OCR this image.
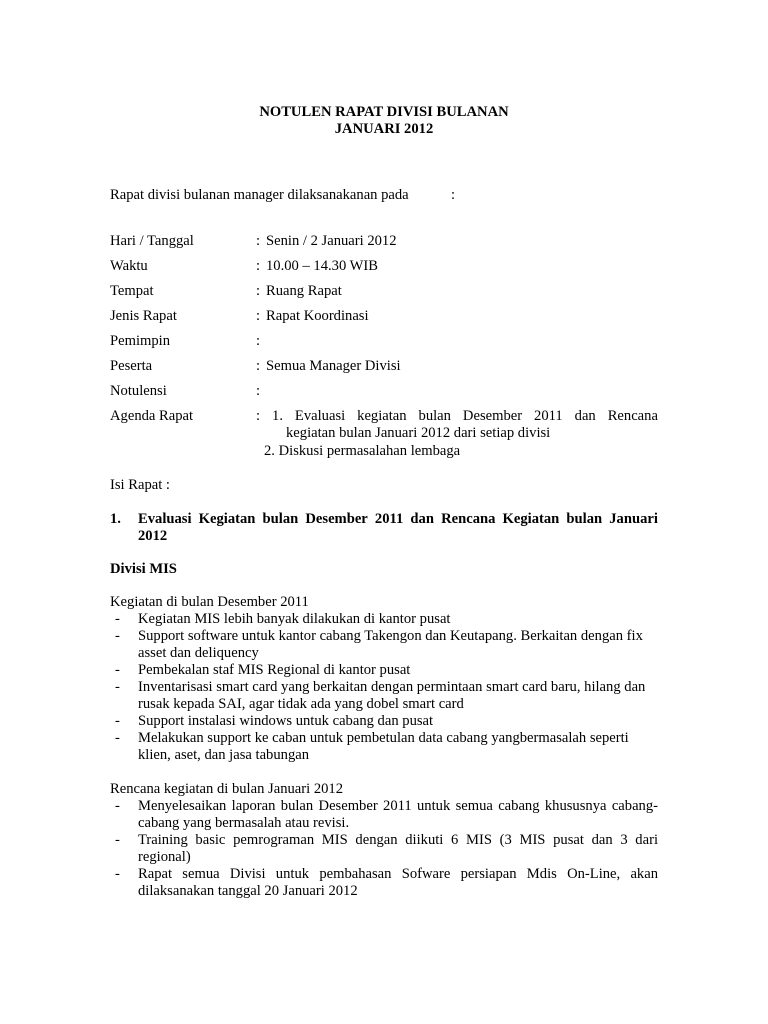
NOTULEN RAPAT DIVISI BULANAN
JANUARI 2012
Rapat divisi bulanan manager dilaksanakanan pada	:
Hari / Tanggal	: Senin / 2 Januari 2012
Waktu	: 10.00 – 14.30 WIB
Tempat	: Ruang Rapat
Jenis Rapat	: Rapat Koordinasi
Pemimpin	:
Peserta	: Semua Manager Divisi
Notulensi	:
Agenda Rapat	: 1. Evaluasi kegiatan bulan Desember 2011 dan Rencana
kegiatan bulan Januari 2012 dari setiap divisi
2. Diskusi permasalahan lembaga
Isi Rapat :
1. Evaluasi Kegiatan bulan Desember 2011 dan Rencana Kegiatan bulan Januari
2012
Divisi MIS
Kegiatan di bulan Desember 2011
- Kegiatan MIS lebih banyak dilakukan di kantor pusat
- Support software untuk kantor cabang Takengon dan Keutapang. Berkaitan dengan fix asset dan deliquency
- Pembekalan staf MIS Regional di kantor pusat
- Inventarisasi smart card yang berkaitan dengan permintaan smart card baru, hilang dan rusak kepada SAI, agar tidak ada yang dobel smart card
- Support instalasi windows untuk cabang dan pusat
- Melakukan support ke caban untuk pembetulan data cabang yangbermasalah seperti klien, aset, dan jasa tabungan
Rencana kegiatan di bulan Januari 2012
- Menyelesaikan laporan bulan Desember 2011 untuk semua cabang khususnya cabang-cabang yang bermasalah atau revisi.
- Training basic pemrograman MIS dengan diikuti 6 MIS (3 MIS pusat dan 3 dari regional)
- Rapat semua Divisi untuk pembahasan Sofware persiapan Mdis On-Line, akan dilaksanakan tanggal 20 Januari 2012
